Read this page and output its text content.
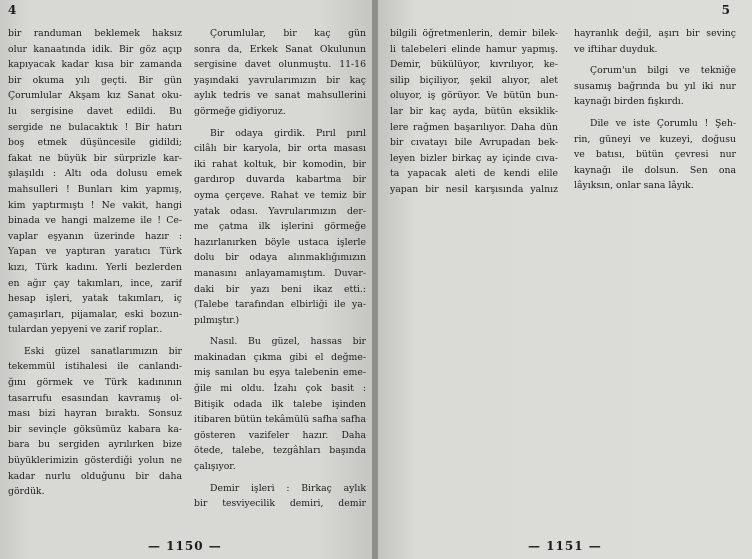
4
bir randuman beklemek haksız
olur kanaatında idik. Bir göz açıp
kapıyacak kadar kısa bir zamanda
bir okuma yılı geçti. Bir gün
Çorumlular Akşam kız Sanat oku-
lu sergisine davet edildi. Bu
sergide ne bulacaktık ! Bir hatırı
boş etmek düşüncesile gidildi;
fakat ne büyük bir sürprizle kar-
şılaşıldı : Altı oda dolusu emek
mahsulleri ! Bunları kim yapmış,
kim yaptırmıştı ! Ne vakit, hangi
binada ve hangi malzeme ile ! Ce-
vaplar eşyanın üzerinde hazır :
Yapan ve yaptıran yaratıcı Türk
kızı, Türk kadını. Yerli bezlerden
en ağır çay takımları, ince, zarif
hesap işleri, yatak takımları, iç
çamaşırları, pijamalar, eski bozun-
tulardan yepyeni ve zarif roplar..
Eski güzel sanatlarımızın bir
tekemmül istihalesi ile canlandı-
ğını görmek ve Türk kadınının
tasarrufu esasından kavramış ol-
ması bizi hayran bıraktı. Sonsuz
bir sevinçle göksümüz kabara ka-
bara bu sergiden ayrılırken bize
büyüklerimizin gösterdiği yolun ne
kadar nurlu olduğunu bir daha
gördük.
Çorumlular, bir kaç gün
sonra da, Erkek Sanat Okulunun
sergisine davet olunmuştu. 11-16
yaşındaki yavrularımızın bir kaç
aylık tedris ve sanat mahsullerini
görmeğe gidiyoruz.
Bir odaya girdik. Pırıl pırıl
cilâlı bir karyola, bir orta masası
iki rahat koltuk, bir komodin, bir
gardırop duvarda kabartma bir
oyma çerçeve. Rahat ve temiz bir
yatak odası. Yavrularımızın der-
me çatma ilk işlerini görmeğe
hazırlanırken böyle ustaca işlerle
dolu bir odaya alınmaklığımızın
manasını anlayamamıştım. Duvar-
daki bir yazı beni ikaz etti.:
(Talebe tarafından elbirliği ile ya-
pılmıştır.)
Nasıl. Bu güzel, hassas bir
makinadan çıkma gibi el değme-
miş sanılan bu eşya talebenin eme-
ğile mi oldu. İzahı çok basit :
Bitişik odada ilk talebe işinden
itibaren bütün tekâmülü safha safha
gösteren vazifeler hazır. Daha
ötede, talebe, tezgâhları başında
çalışıyor.
Demir işleri : Birkaç aylık
bir tesviyecilik demiri, demir
— 1150 —
5
bilgili öğretmenlerin, demir bilek-
li talebeleri elinde hamur yapmış.
Demir, bükülüyor, kıvrılıyor, ke-
silip biçiliyor, şekil alıyor, alet
oluyor, iş görüyor. Ve bütün bun-
lar bir kaç ayda, bütün eksiklik-
lere rağmen başarılıyor. Daha dün
bir cıvatayı bile Avrupadan bek-
leyen bizler birkaç ay içinde cıva-
ta yapacak aleti de kendi elile
yapan bir nesil karşısında yalnız
hayranlık değil, aşırı bir sevinç
ve iftihar duyduk.
Çorum'un bilgi ve tekniğe
susamış bağrında bu yıl iki nur
kaynağı birden fışkırdı.
Dile ve iste Çorumlu ! Şeh-
rin, güneyi ve kuzeyi, doğusu
ve batısı, bütün çevresi nur
kaynağı ile dolsun. Sen ona
lâyıksın, onlar sana lâyık.
— 1151 —
